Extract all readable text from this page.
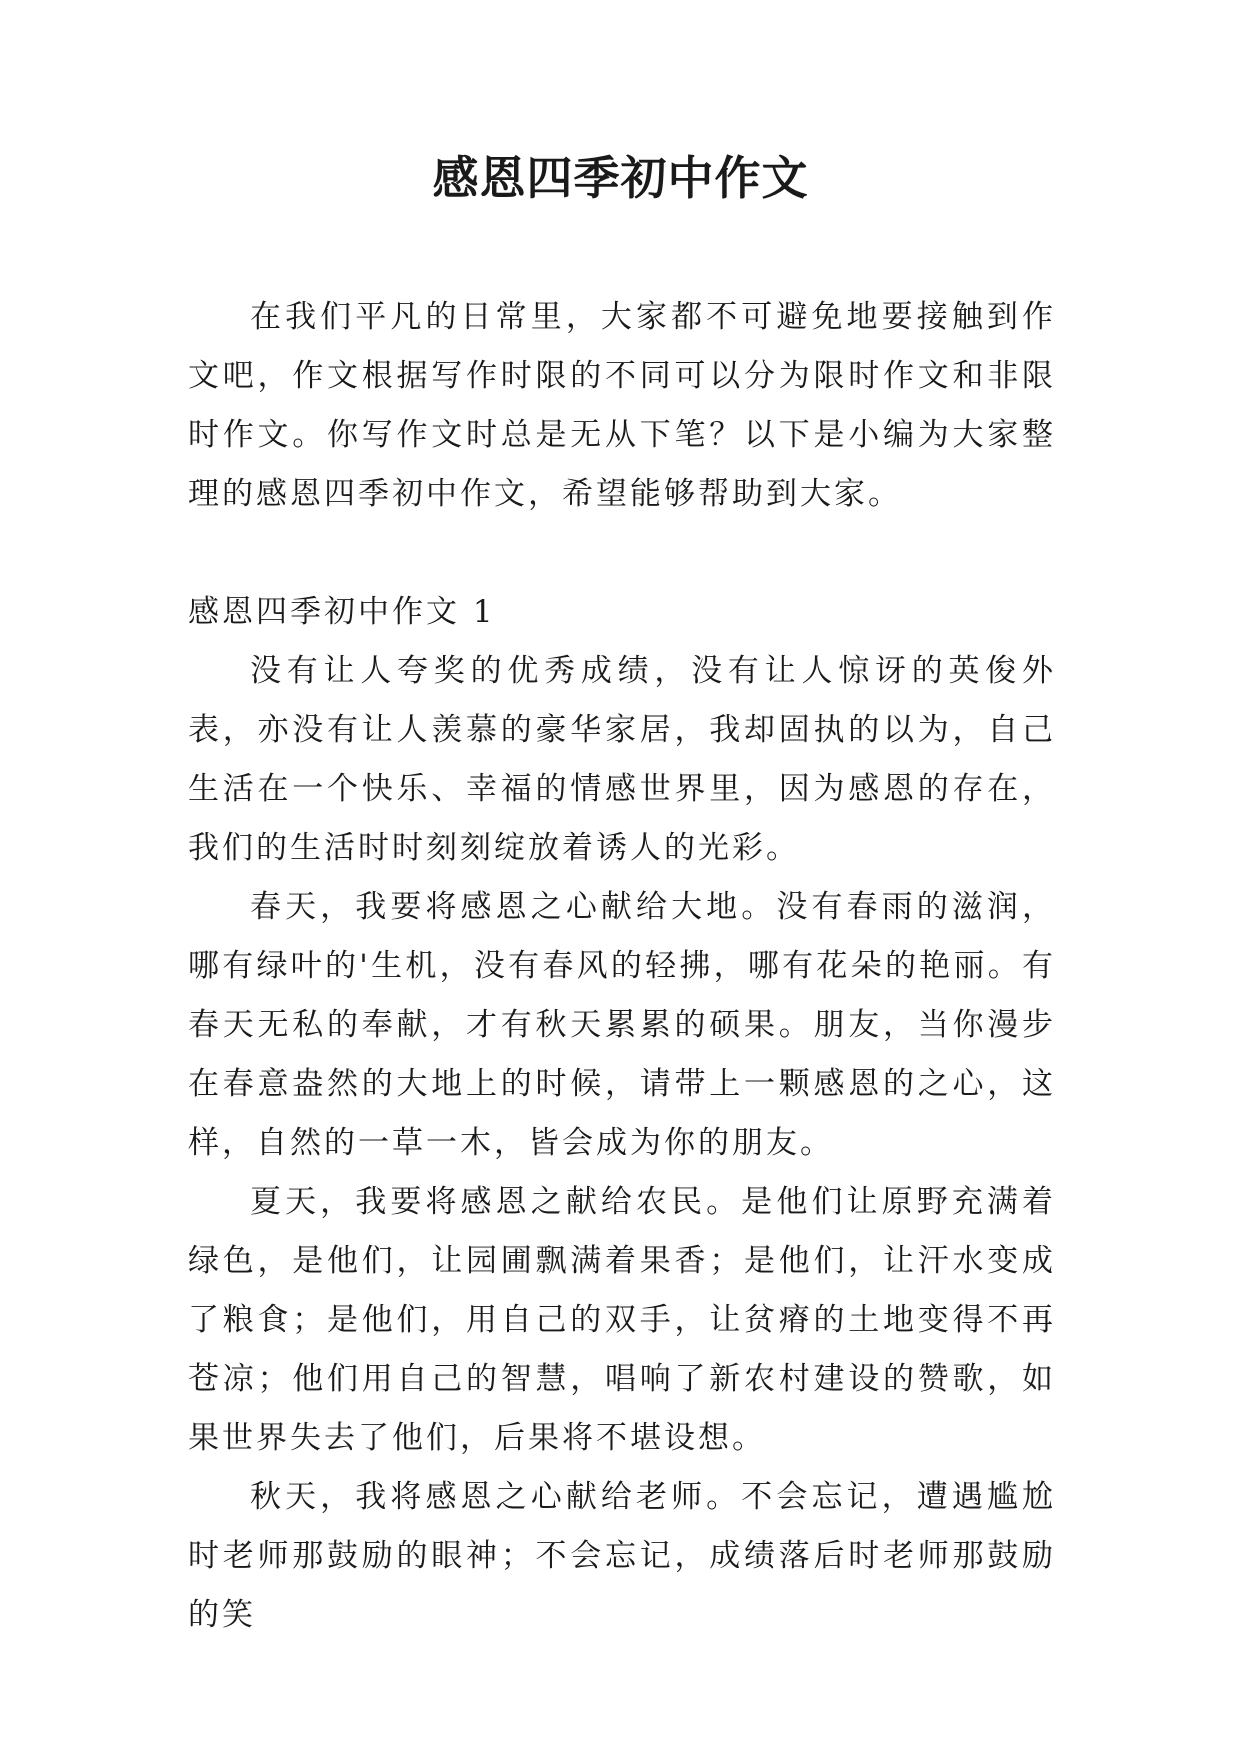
感恩四季初中作文

在我们平凡的日常里，大家都不可避免地要接触到作文吧，作文根据写作时限的不同可以分为限时作文和非限时作文。你写作文时总是无从下笔？以下是小编为大家整理的感恩四季初中作文，希望能够帮助到大家。

感恩四季初中作文 1

没有让人夸奖的优秀成绩，没有让人惊讶的英俊外表，亦没有让人羡慕的豪华家居，我却固执的以为，自己生活在一个快乐、幸福的情感世界里，因为感恩的存在，我们的生活时时刻刻绽放着诱人的光彩。

春天，我要将感恩之心献给大地。没有春雨的滋润，哪有绿叶的'生机，没有春风的轻拂，哪有花朵的艳丽。有春天无私的奉献，才有秋天累累的硕果。朋友，当你漫步在春意盎然的大地上的时候，请带上一颗感恩的之心，这样，自然的一草一木，皆会成为你的朋友。

夏天，我要将感恩之献给农民。是他们让原野充满着绿色，是他们，让园圃飘满着果香；是他们，让汗水变成了粮食；是他们，用自己的双手，让贫瘠的土地变得不再苍凉；他们用自己的智慧，唱响了新农村建设的赞歌，如果世界失去了他们，后果将不堪设想。

秋天，我将感恩之心献给老师。不会忘记，遭遇尴尬时老师那鼓励的眼神；不会忘记，成绩落后时老师那鼓励的笑
